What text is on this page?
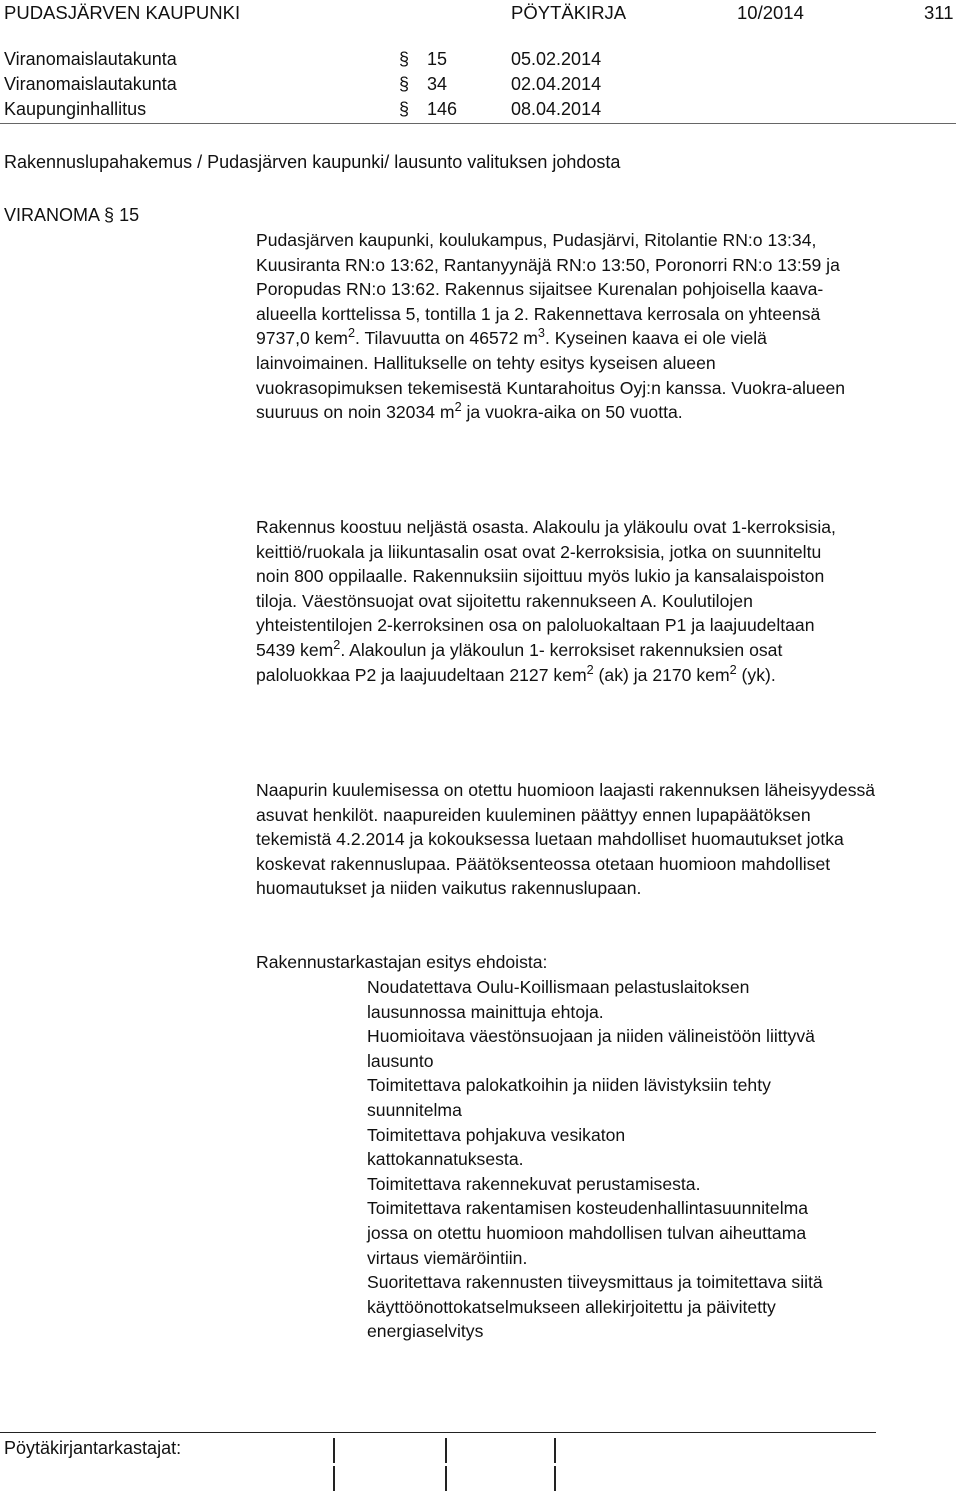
PUDASJÄRVEN KAUPUNKI	PÖYTÄKIRJA	10/2014	311
Viranomaislautakunta	§ 15	05.02.2014
Viranomaislautakunta	§ 34	02.04.2014
Kaupunginhallitus	§ 146	08.04.2014
Rakennuslupahakemus / Pudasjärven kaupunki/ lausunto valituksen johdosta
VIRANOMA § 15

Pudasjärven kaupunki, koulukampus, Pudasjärvi, Ritolantie RN:o 13:34, Kuusiranta RN:o 13:62, Rantanyynäjä RN:o 13:50, Poronorri RN:o 13:59 ja Poropudas RN:o 13:62. Rakennus sijaitsee Kurenalan pohjoisella kaava- alueella korttelissa 5, tontilla 1 ja 2. Rakennettava kerrosala on yhteensä 9737,0 kem$^2$. Tilavuutta on 46572 $m^3$. Kyseinen kaava ei ole vielä lainvoimainen. Hallitukselle on tehty esitys kyseisen alueen vuokrasopimuksen tekemisestä Kuntarahoitus Oyj:n kanssa. Vuokra-alueen suuruus on noin 32034 $m^2$ ja vuokra-aika on 50 vuotta.

Rakennus koostuu neljästä osasta. Alakoulu ja yläkoulu ovat 1-kerroksisia, keittiö/ruokala ja liikuntasalin osat ovat 2-kerroksisia, jotka on suunniteltu noin 800 oppilaalle. Rakennuksiin sijoittuu myös lukio ja kansalaispoiston tiloja. Väestönsuojat ovat sijoitettu rakennukseen A. Koulutilojen yhteistentilojen 2-kerroksinen osa on paloluokaltaan P1 ja laajuudeltaan 5439 kem$^2$. Alakoulun ja yläkoulun 1- kerroksiset rakennuksien osat paloluokkaa P2 ja laajuudeltaan 2127 kem$^2$ (ak) ja 2170 kem$^2$ (yk).

Naapurin kuulemisessa on otettu huomioon laajasti rakennuksen läheisyydessä asuvat henkilöt. naapureiden kuuleminen päättyy ennen lupapäätöksen tekemistä 4.2.2014 ja kokouksessa luetaan mahdolliset huomautukset jotka koskevat rakennuslupaa. Päätöksenteossa otetaan huomioon mahdolliset huomautukset ja niiden vaikutus rakennuslupaan.

Rakennustarkastajan esitys ehdoista:

Noudatettava Oulu-Koillismaan pelastuslaitoksen lausunnossa mainittuja ehtoja.

Huomioitava väestönsuojaan ja niiden välineistöön liittyvä lausunto

Toimitettava palokatkoihin ja niiden lävistyksiin tehty suunnitelma

Toimitettava pohjakuva vesikaton kattokannatuksesta.

Toimitettava rakennekuvat perustamisesta.

Toimitettava rakentamisen kosteudenhallintasuunnitelma jossa on otettu huomioon mahdollisen tulvan aiheuttama virtaus viemäröintiin.

Suoritettava rakennusten tiiveysmittaus ja toimitettava siitä käyttöönottokatselmukseen allekirjoitettu ja päivitetty energiaselvitys

Pöytäkirjantarkastajat:
